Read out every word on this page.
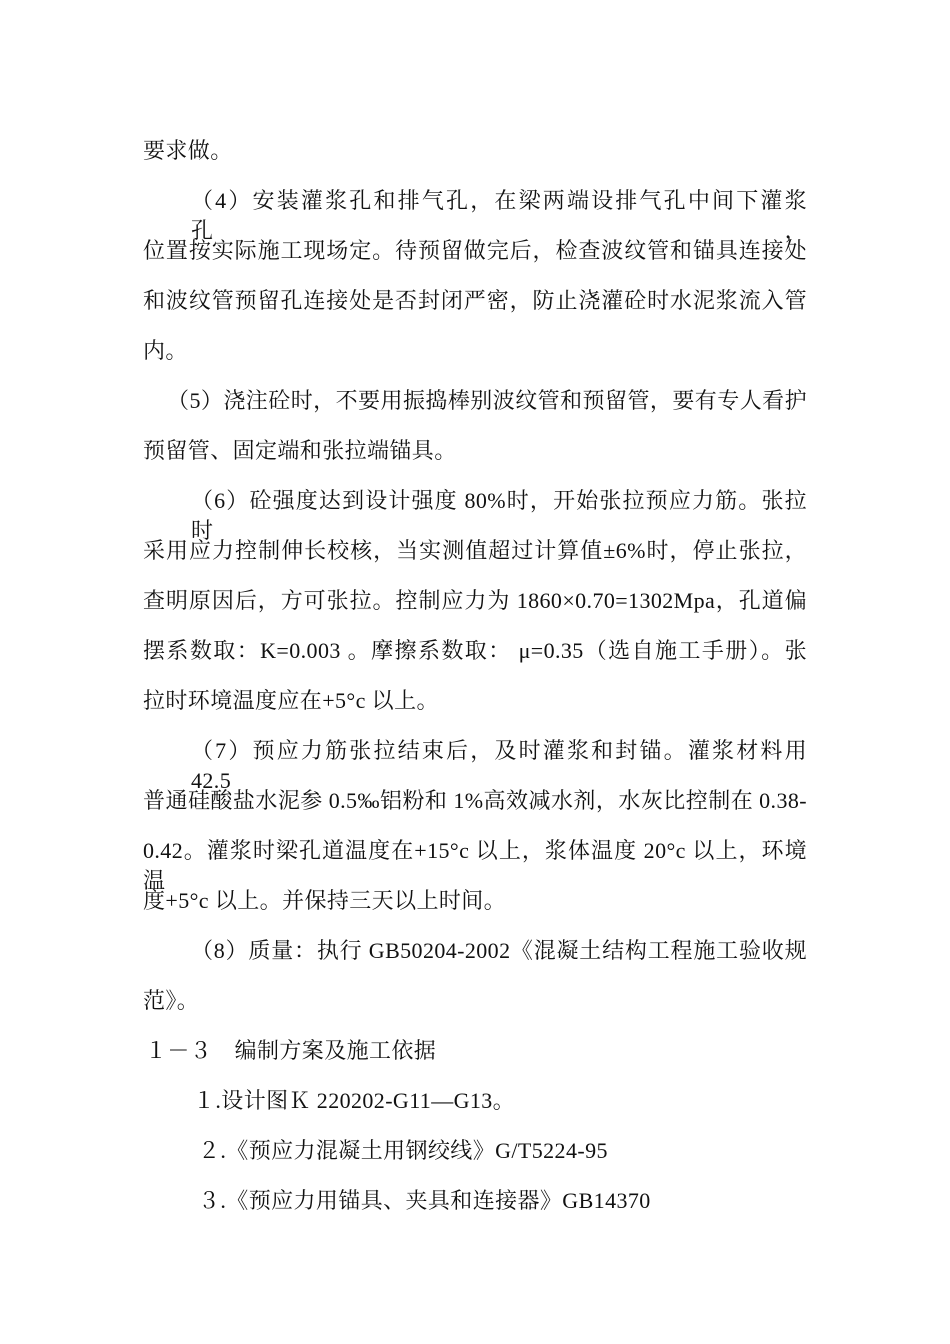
要求做。
（4）安装灌浆孔和排气孔，在梁两端设排气孔中间下灌浆孔，
位置按实际施工现场定。待预留做完后，检查波纹管和锚具连接处
和波纹管预留孔连接处是否封闭严密，防止浇灌砼时水泥浆流入管
内。
（5）浇注砼时，不要用振捣棒别波纹管和预留管，要有专人看护
预留管、固定端和张拉端锚具。
（6）砼强度达到设计强度 80%时，开始张拉预应力筋。张拉时
采用应力控制伸长校核，当实测值超过计算值±6%时，停止张拉，
查明原因后，方可张拉。控制应力为 1860×0.70=1302Mpa，孔道偏
摆系数取：K=0.003 。摩擦系数取： μ=0.35（选自施工手册）。张
拉时环境温度应在+5°c 以上。
（7）预应力筋张拉结束后，及时灌浆和封锚。灌浆材料用 42.5
普通硅酸盐水泥参 0.5‰铝粉和 1%高效减水剂，水灰比控制在 0.38-
0.42。灌浆时梁孔道温度在+15°c 以上，浆体温度 20°c 以上，环境温
度+5°c 以上。并保持三天以上时间。
（8）质量：执行 GB50204-2002《混凝土结构工程施工验收规
范》。
１－３　编制方案及施工依据
１.设计图Ｋ 220202-G11—G13。
２.《预应力混凝土用钢绞线》G/T5224-95
３.《预应力用锚具、夹具和连接器》GB14370
